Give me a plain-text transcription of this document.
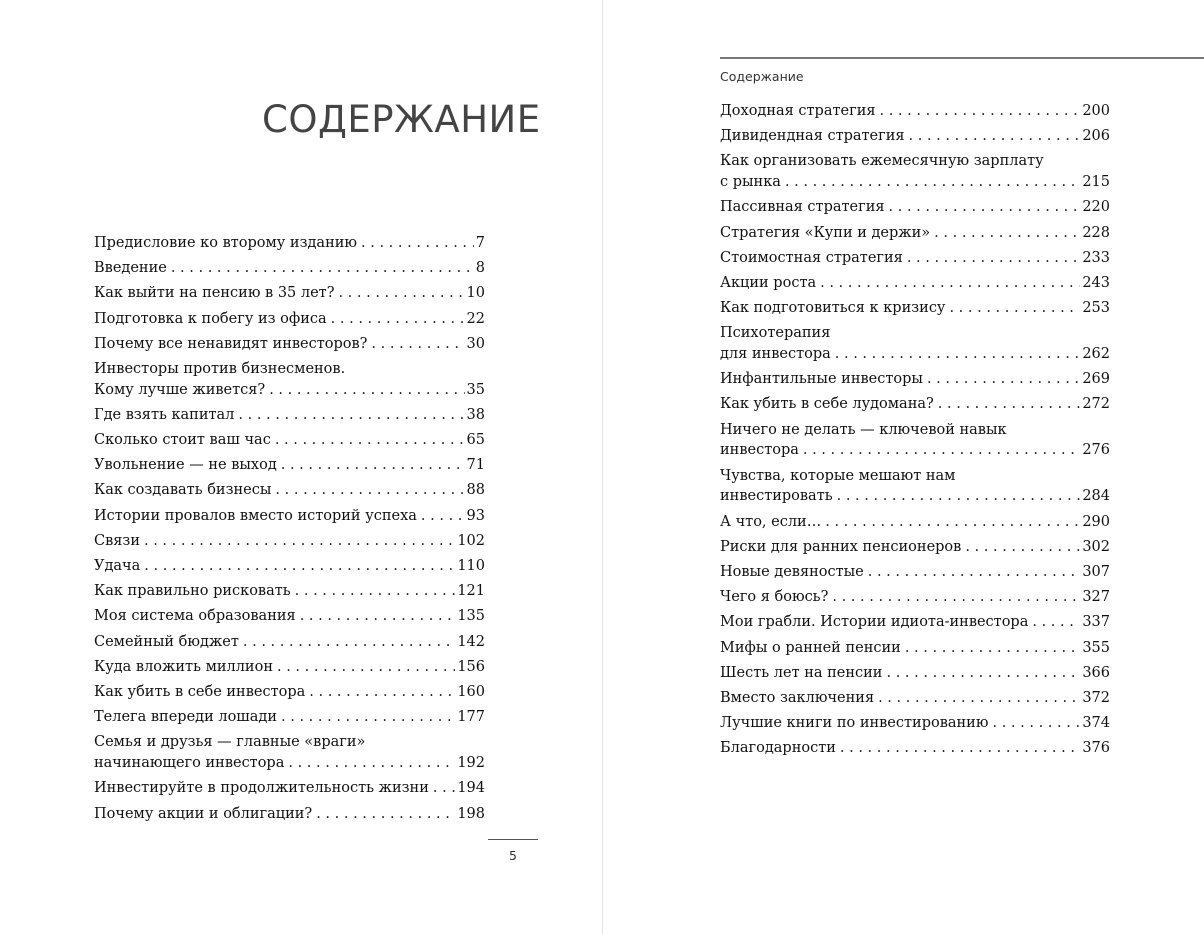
СОДЕРЖАНИЕ
Предисловие ко второму изданию . . .	7
Введение . . .	8
Как выйти на пенсию в 35 лет? . . .	10
Подготовка к побегу из офиса . . .	22
Почему все ненавидят инвесторов? . . .	30
Инвесторы против бизнесменов.
Кому лучше живется? . . .	35
Где взять капитал . . .	38
Сколько стоит ваш час . . .	65
Увольнение — не выход . . .	71
Как создавать бизнесы . . .	88
Истории провалов вместо историй успеха . . .	93
Связи . . .	102
Удача . . .	110
Как правильно рисковать . . .	121
Моя система образования . . .	135
Семейный бюджет . . .	142
Куда вложить миллион . . .	156
Как убить в себе инвестора . . .	160
Телега впереди лошади . . .	177
Семья и друзья — главные «враги»
начинающего инвестора . . .	192
Инвестируйте в продолжительность жизни . . . 194
Почему акции и облигации? . . .	198
5
Содержание
Доходная стратегия . . .	200
Дивидендная стратегия . . .	206
Как организовать ежемесячную зарплату
с рынка . . .	215
Пассивная стратегия . . .	220
Стратегия «Купи и держи» . . .	228
Стоимостная стратегия . . .	233
Акции роста . . .	243
Как подготовиться к кризису . . .	253
Психотерапия
для инвестора . . .	262
Инфантильные инвесторы . . .	269
Как убить в себе лудомана? . . .	272
Ничего не делать — ключевой навык
инвестора . . .	276
Чувства, которые мешают нам
инвестировать . . .	284
А что, если… . . .	290
Риски для ранних пенсионеров . . .	302
Новые девяностые . . .	307
Чего я боюсь? . . .	327
Мои грабли. Истории идиота-инвестора . . .	337
Мифы о ранней пенсии . . .	355
Шесть лет на пенсии . . .	366
Вместо заключения . . .	372
Лучшие книги по инвестированию . . .	374
Благодарности . . .	376
